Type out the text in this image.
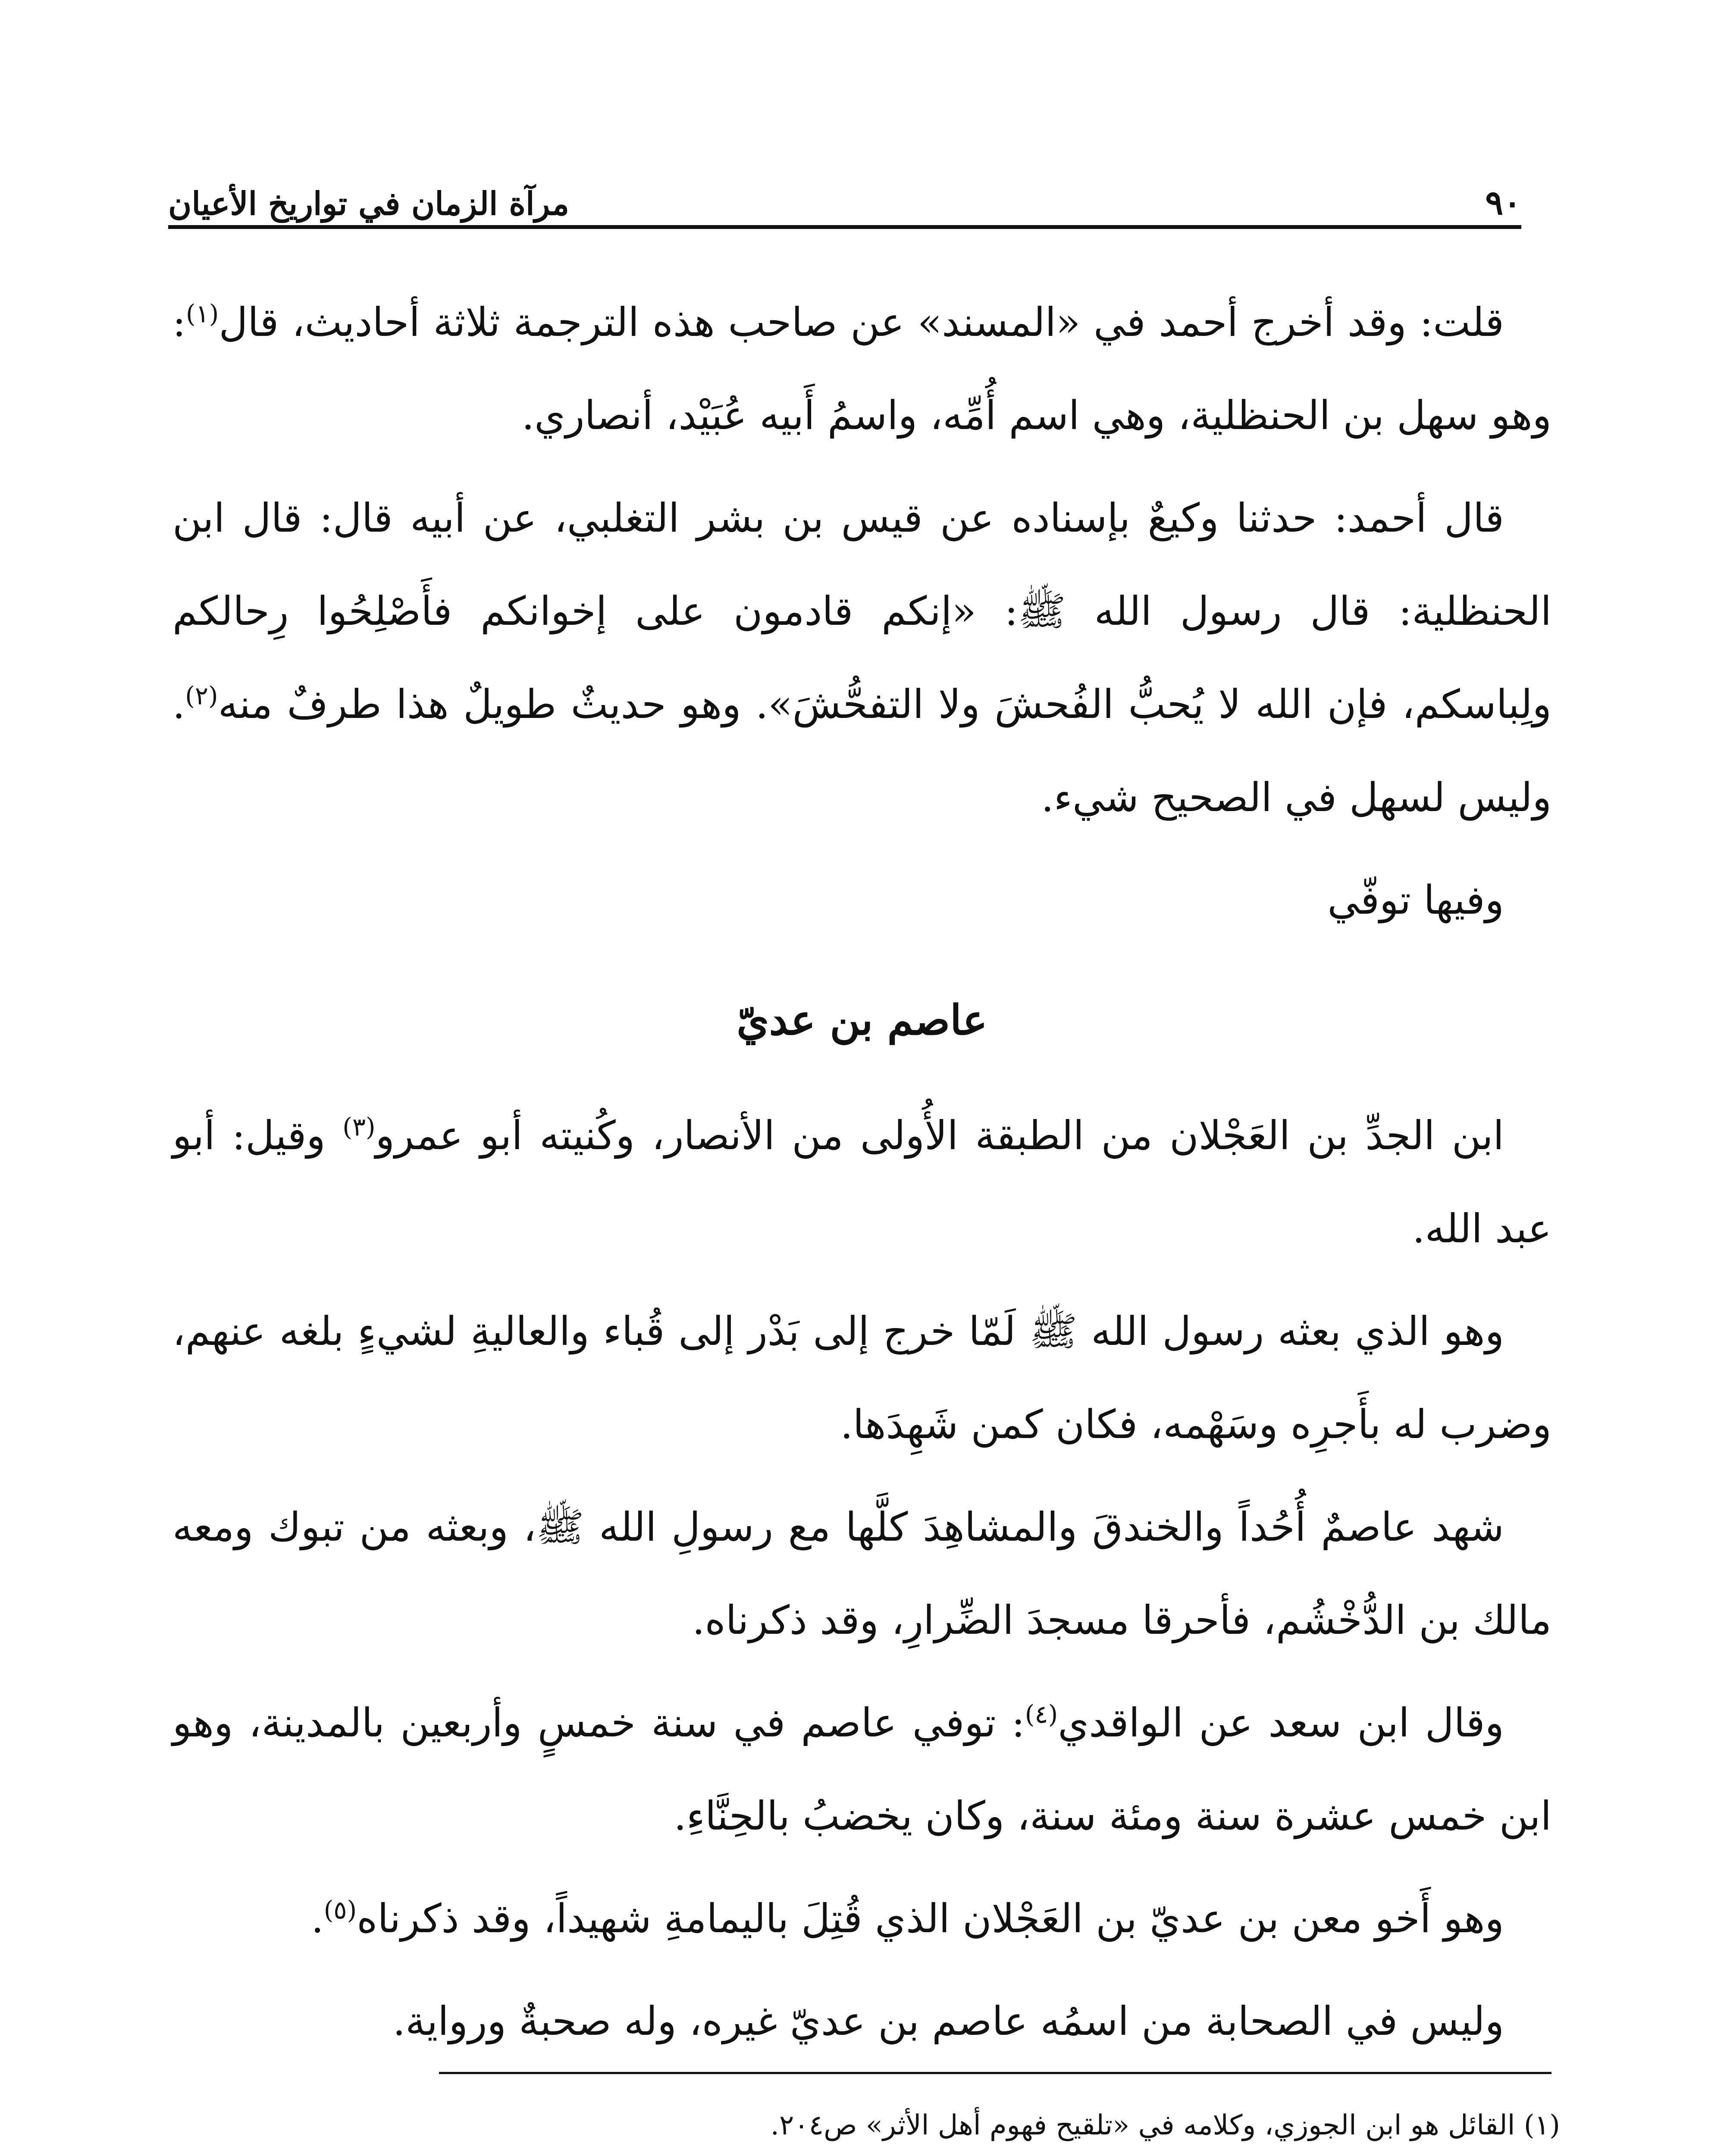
٩٠
مرآة الزمان في تواريخ الأعيان

قلت: وقد أخرج أحمد في «المسند» عن صاحب هذه الترجمة ثلاثة أحاديث، قال$^{(١)}$: وهو سهل بن الحنظلية، وهي اسم أُمِّه، واسمُ أَبيه عُبَيْد، أنصاري.

قال أحمد: حدثنا وكيعٌ بإسناده عن قيس بن بشر التغلبي، عن أبيه قال: قال ابن الحنظلية: قال رسول الله ﷺ: «إنكم قادمون على إخوانكم فأَصْلِحُوا رِحالكم ولِباسكم، فإن الله لا يُحبُّ الفُحشَ ولا التفحُّشَ». وهو حديثٌ طويلٌ هذا طرفٌ منه$^{(٢)}$. وليس لسهل في الصحيح شيء.

وفيها توفّي

عاصم بن عديّ

ابن الجدِّ بن العَجْلان من الطبقة الأُولى من الأنصار، وكُنيته أبو عمرو$^{(٣)}$ وقيل: أبو عبد الله.

وهو الذي بعثه رسول الله ﷺ لَمّا خرج إلى بَدْر إلى قُباء والعاليةِ لشيءٍ بلغه عنهم، وضرب له بأَجرِه وسَهْمه، فكان كمن شَهِدَها.

شهد عاصمٌ أُحُداً والخندقَ والمشاهِدَ كلَّها مع رسولِ الله ﷺ، وبعثه من تبوك ومعه مالك بن الدُّخْشُم، فأحرقا مسجدَ الضِّرارِ، وقد ذكرناه.

وقال ابن سعد عن الواقدي$^{(٤)}$: توفي عاصم في سنة خمسٍ وأربعين بالمدينة، وهو ابن خمس عشرة سنة ومئة سنة، وكان يخضبُ بالحِنَّاءِ.

وهو أَخو معن بن عديّ بن العَجْلان الذي قُتِلَ باليمامةِ شهيداً، وقد ذكرناه$^{(٥)}$.

وليس في الصحابة من اسمُه عاصم بن عديّ غيره، وله صحبةٌ ورواية.

(١) القائل هو ابن الجوزي، وكلامه في «تلقيح فهوم أهل الأثر» ص٢٠٤.
